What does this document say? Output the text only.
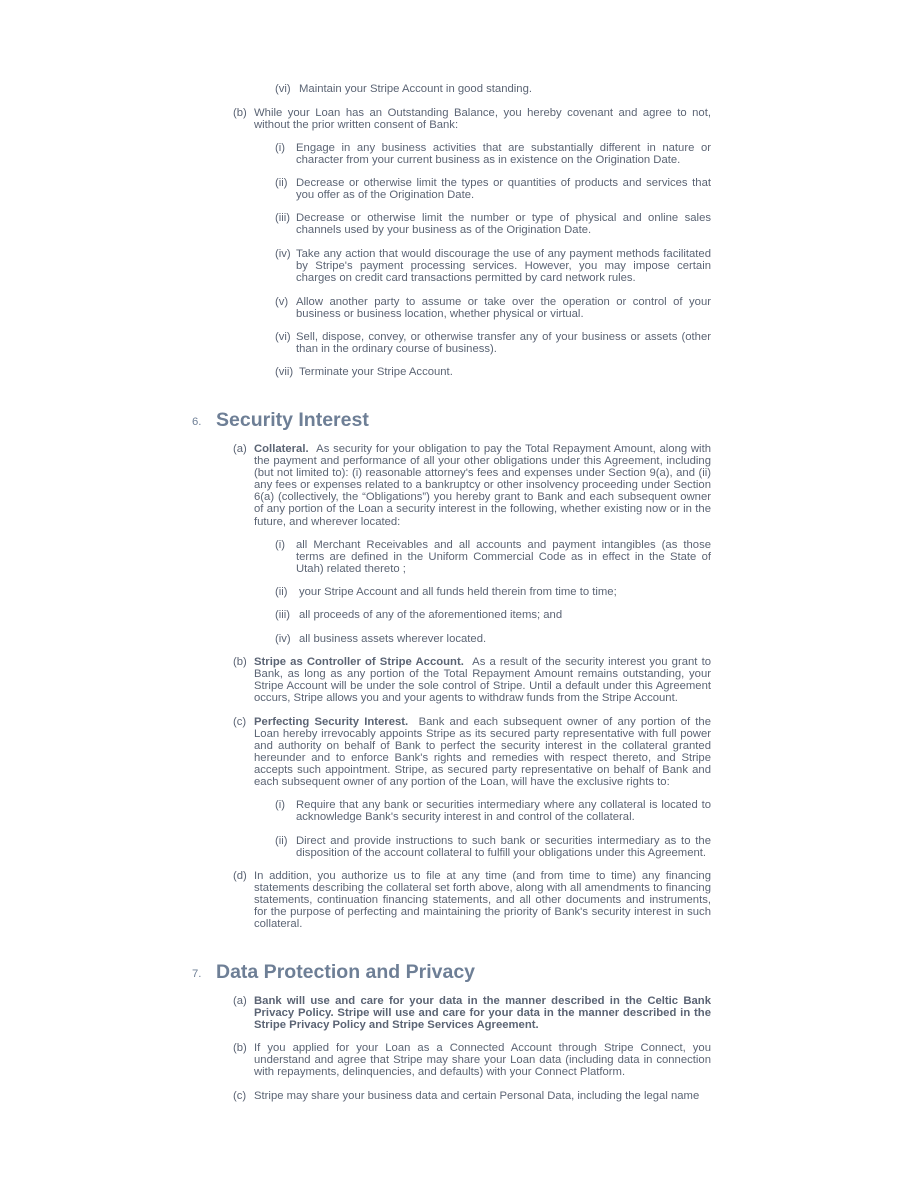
(vi) Maintain your Stripe Account in good standing.
(b) While your Loan has an Outstanding Balance, you hereby covenant and agree to not, without the prior written consent of Bank:
(i) Engage in any business activities that are substantially different in nature or character from your current business as in existence on the Origination Date.
(ii) Decrease or otherwise limit the types or quantities of products and services that you offer as of the Origination Date.
(iii) Decrease or otherwise limit the number or type of physical and online sales channels used by your business as of the Origination Date.
(iv) Take any action that would discourage the use of any payment methods facilitated by Stripe's payment processing services. However, you may impose certain charges on credit card transactions permitted by card network rules.
(v) Allow another party to assume or take over the operation or control of your business or business location, whether physical or virtual.
(vi) Sell, dispose, convey, or otherwise transfer any of your business or assets (other than in the ordinary course of business).
(vii) Terminate your Stripe Account.
6. Security Interest
(a) Collateral. As security for your obligation to pay the Total Repayment Amount, along with the payment and performance of all your other obligations under this Agreement, including (but not limited to): (i) reasonable attorney's fees and expenses under Section 9(a), and (ii) any fees or expenses related to a bankruptcy or other insolvency proceeding under Section 6(a) (collectively, the “Obligations”) you hereby grant to Bank and each subsequent owner of any portion of the Loan a security interest in the following, whether existing now or in the future, and wherever located:
(i) all Merchant Receivables and all accounts and payment intangibles (as those terms are defined in the Uniform Commercial Code as in effect in the State of Utah) related thereto ;
(ii) your Stripe Account and all funds held therein from time to time;
(iii) all proceeds of any of the aforementioned items; and
(iv) all business assets wherever located.
(b) Stripe as Controller of Stripe Account. As a result of the security interest you grant to Bank, as long as any portion of the Total Repayment Amount remains outstanding, your Stripe Account will be under the sole control of Stripe. Until a default under this Agreement occurs, Stripe allows you and your agents to withdraw funds from the Stripe Account.
(c) Perfecting Security Interest. Bank and each subsequent owner of any portion of the Loan hereby irrevocably appoints Stripe as its secured party representative with full power and authority on behalf of Bank to perfect the security interest in the collateral granted hereunder and to enforce Bank's rights and remedies with respect thereto, and Stripe accepts such appointment. Stripe, as secured party representative on behalf of Bank and each subsequent owner of any portion of the Loan, will have the exclusive rights to:
(i) Require that any bank or securities intermediary where any collateral is located to acknowledge Bank's security interest in and control of the collateral.
(ii) Direct and provide instructions to such bank or securities intermediary as to the disposition of the account collateral to fulfill your obligations under this Agreement.
(d) In addition, you authorize us to file at any time (and from time to time) any financing statements describing the collateral set forth above, along with all amendments to financing statements, continuation financing statements, and all other documents and instruments, for the purpose of perfecting and maintaining the priority of Bank's security interest in such collateral.
7. Data Protection and Privacy
(a) Bank will use and care for your data in the manner described in the Celtic Bank Privacy Policy. Stripe will use and care for your data in the manner described in the Stripe Privacy Policy and Stripe Services Agreement.
(b) If you applied for your Loan as a Connected Account through Stripe Connect, you understand and agree that Stripe may share your Loan data (including data in connection with repayments, delinquencies, and defaults) with your Connect Platform.
(c) Stripe may share your business data and certain Personal Data, including the legal name
